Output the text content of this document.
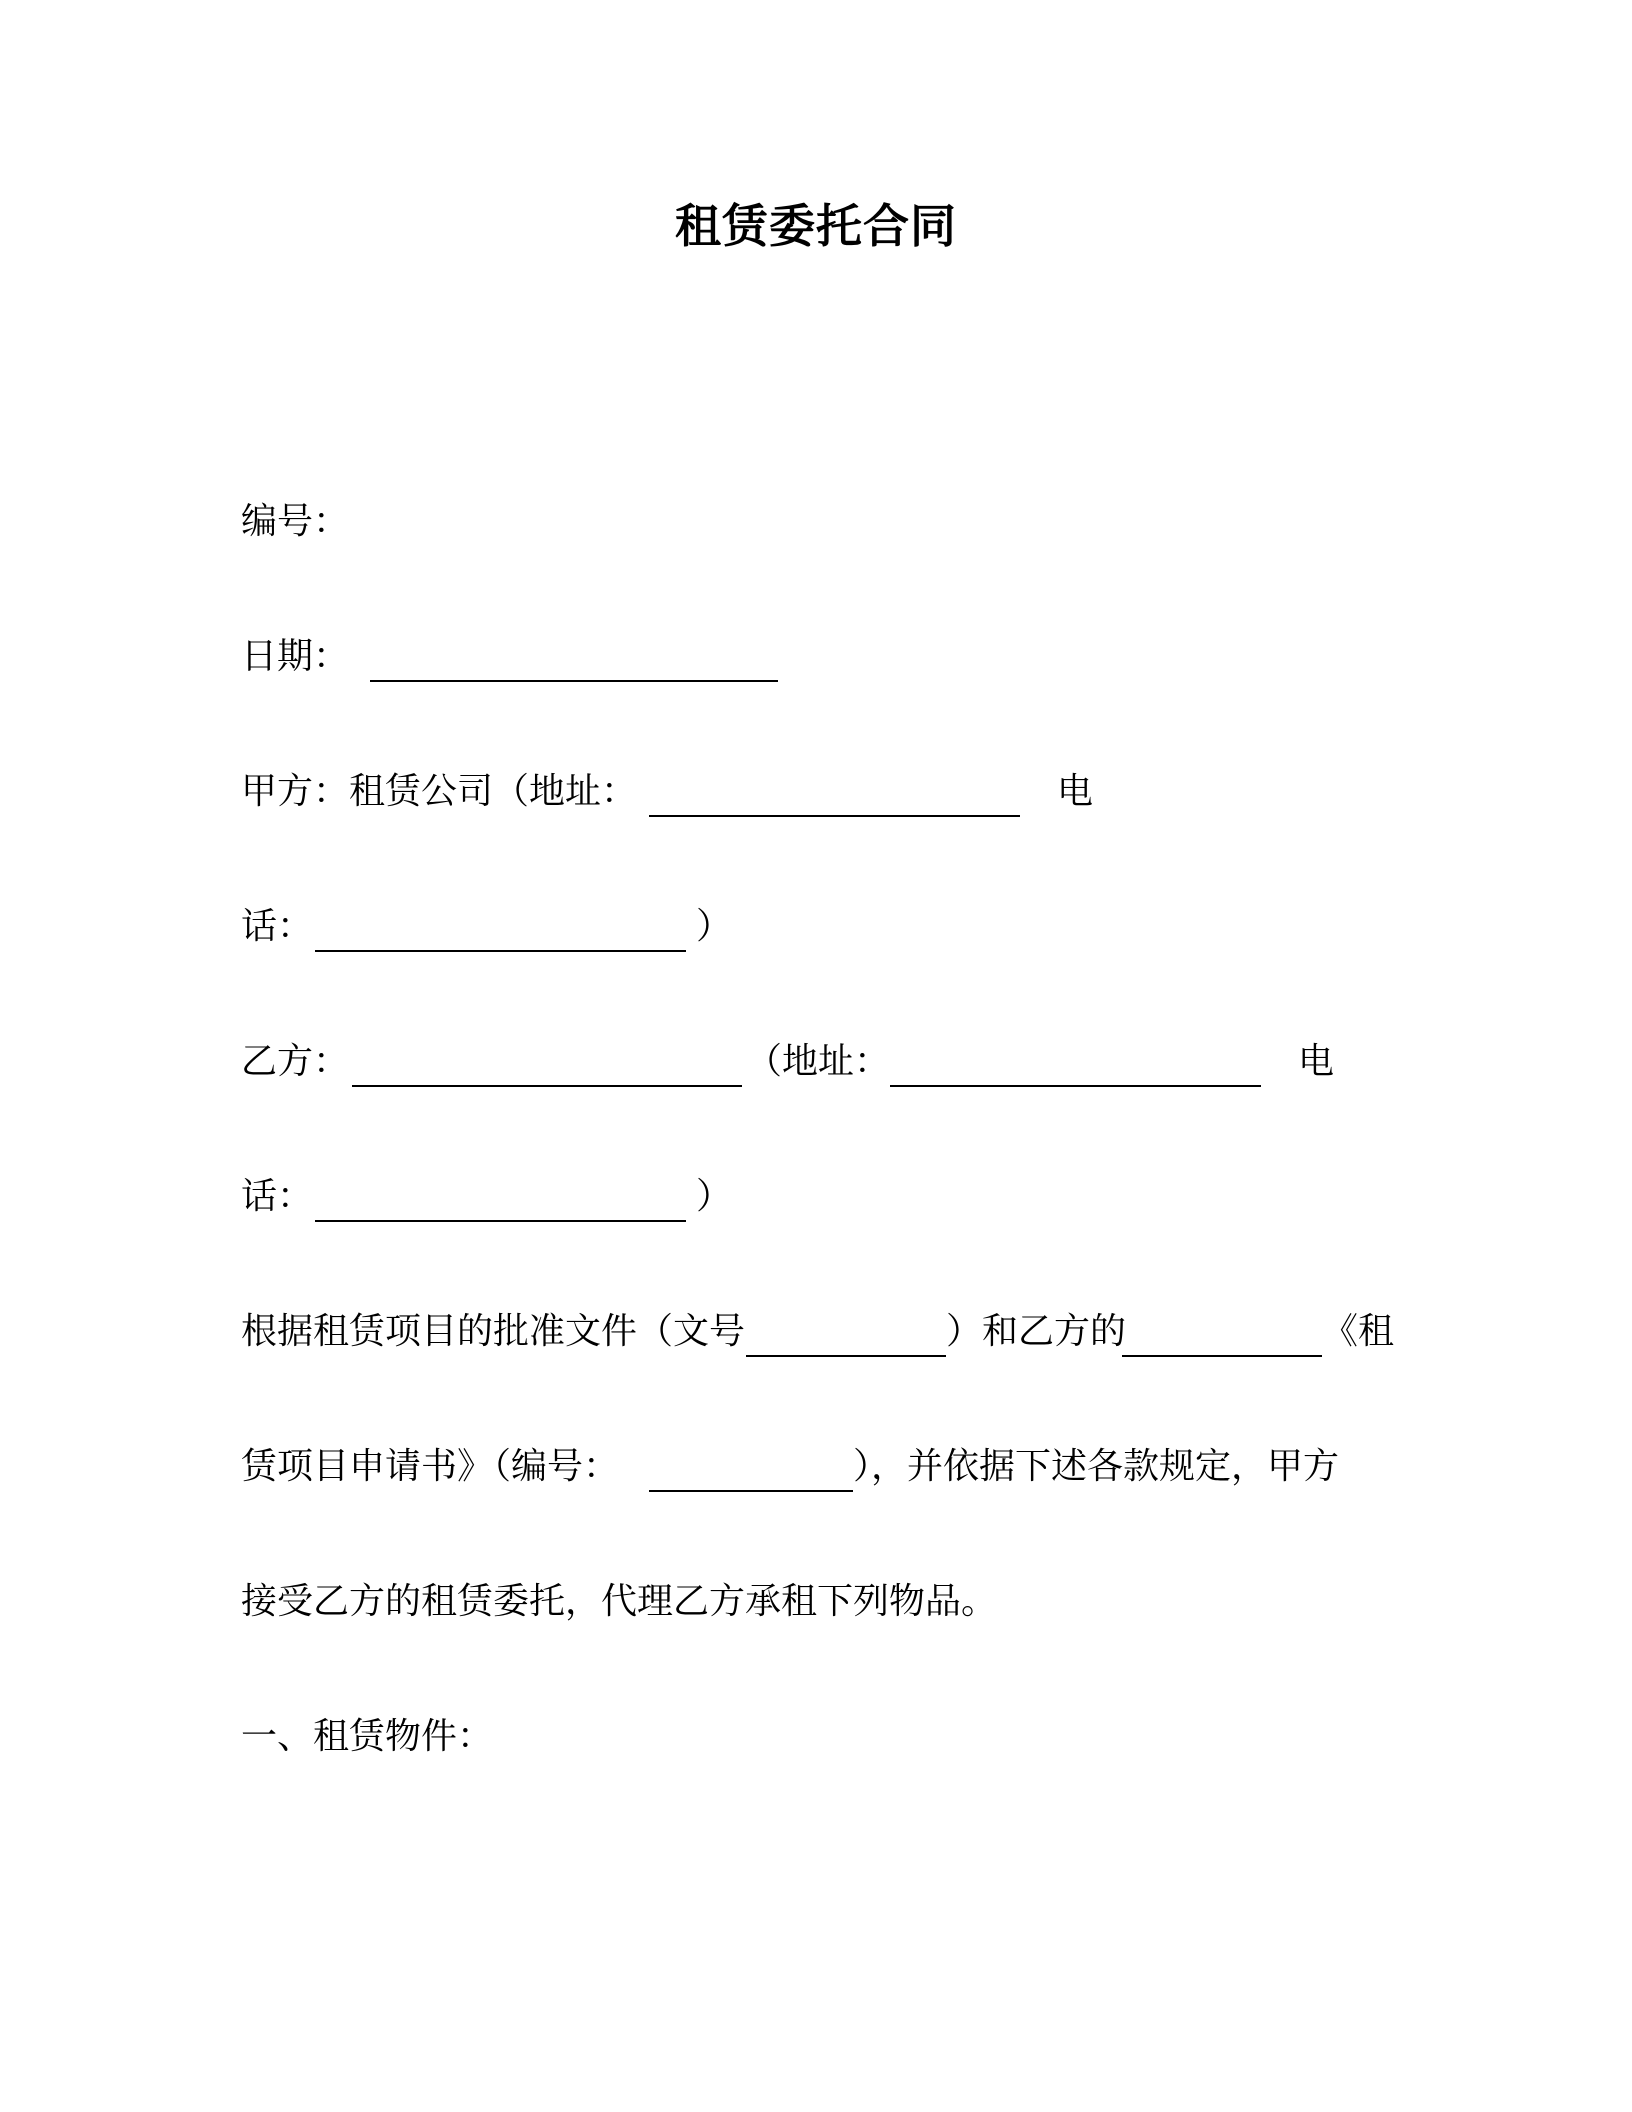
租赁委托合同
编号：
日期：
甲方：租赁公司（地址：	电
话：	）
乙方：	（地址：	电
话：	）
根据租赁项目的批准文件（文号	）和乙方的	《租
赁项目申请书》（编号：	），并依据下述各款规定，甲方
接受乙方的租赁委托，代理乙方承租下列物品。
一、租赁物件：
